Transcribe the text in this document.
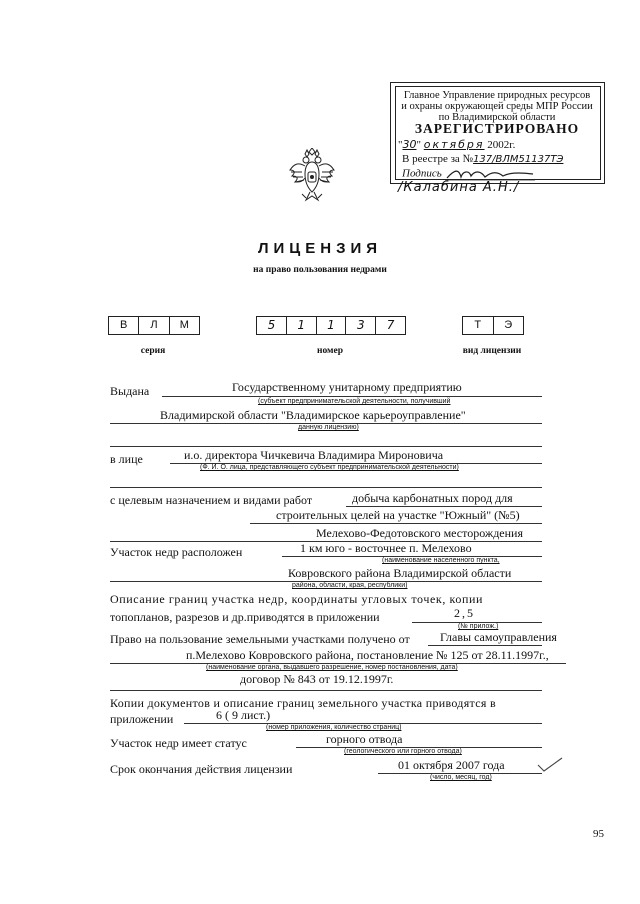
Главное Управление природных ресурсов
и охраны окружающей среды МПР России
по Владимирской области
ЗАРЕГИСТРИРОВАНО
"30" октября 2002г.
В реестре за №137/ВЛМ51137ТЭ
Подпись
/Калабина А.Н./
ЛИЦЕНЗИЯ
на право пользования недрами
В	Л	М
серия
5	1	1	3	7
номер
Т	Э
вид лицензии
Выдана	Государственному унитарному предприятию
(субъект предпринимательской деятельности, получивший
Владимирской области "Владимирское карьероуправление"
данную лицензию)
в лице	и.о. директора Чичкевича Владимира Мироновича
(Ф. И. О. лица, представляющего субъект предпринимательской деятельности)
с целевым назначением и видами работ	добыча карбонатных пород для
строительных целей на участке "Южный" (№5)
Мелехово-Федотовского месторождения
Участок недр расположен	1 км юго - восточнее п. Мелехово
(наименование населенного пункта,
Ковровского района Владимирской области
района, области, края, республики)
Описание границ участка недр, координаты угловых точек, копии
топопланов, разрезов и др.приводятся в приложении	2,5
(№ прилож.)
Право на пользование земельными участками получено от	Главы самоуправления
п.Мелехово Ковровского района, постановление № 125 от 28.11.1997г.,
(наименование органа, выдавшего разрешение, номер постановления, дата)
договор № 843 от 19.12.1997г.
Копии документов и описание границ земельного участка приводятся в
приложении	6 ( 9 лист.)
(номер приложения, количество страниц)
Участок недр имеет статус	горного отвода
(геологического или горного отвода)
Срок окончания действия лицензии	01 октября 2007 года
(число, месяц, год)
95
